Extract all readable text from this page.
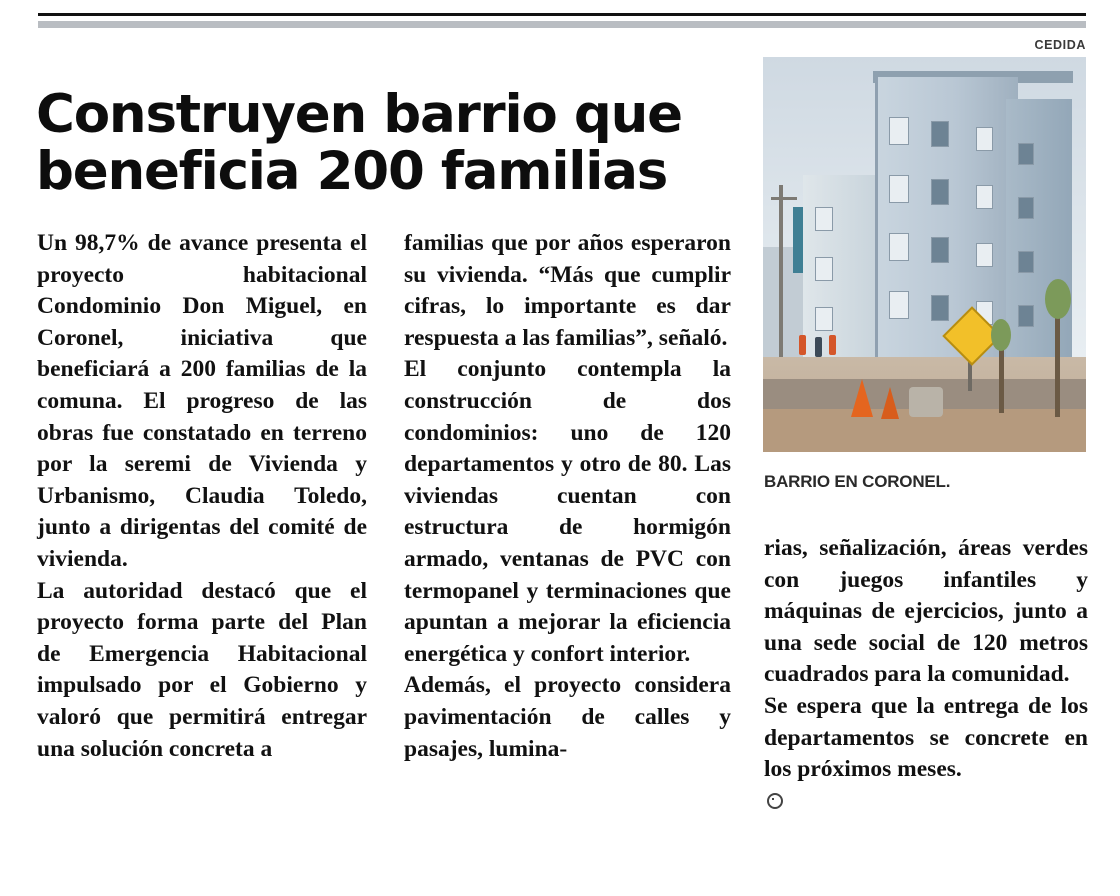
CEDIDA
Construyen barrio que
beneficia 200 familias
BARRIO EN CORONEL.

Un 98,7% de avance presenta el proyecto habitacional Condominio Don Miguel, en Coronel, iniciativa que beneficiará a 200 familias de la comuna. El progreso de las obras fue constatado en terreno por la seremi de Vivienda y Urbanismo, Claudia Toledo, junto a dirigentas del comité de vivienda.
La autoridad destacó que el proyecto forma parte del Plan de Emergencia Habitacional impulsado por el Gobierno y valoró que permitirá entregar una solución concreta a

familias que por años esperaron su vivienda. “Más que cumplir cifras, lo importante es dar respuesta a las familias”, señaló.
El conjunto contempla la construcción de dos condominios: uno de 120 departamentos y otro de 80. Las viviendas cuentan con estructura de hormigón armado, ventanas de PVC con termopanel y terminaciones que apuntan a mejorar la eficiencia energética y confort interior.
Además, el proyecto considera pavimentación de calles y pasajes, lumina-

rias, señalización, áreas verdes con juegos infantiles y máquinas de ejercicios, junto a una sede social de 120 metros cuadrados para la comunidad.
Se espera que la entrega de los departamentos se concrete en los próximos meses.
